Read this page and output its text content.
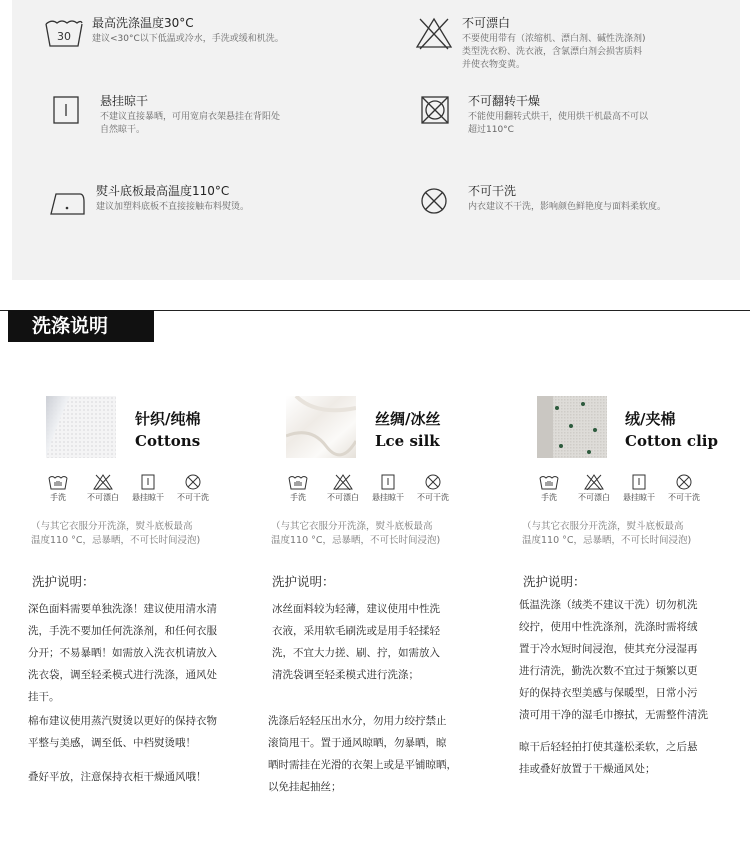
30
最高洗涤温度30°C
建议<30°C以下低温或冷水，手洗或缓和机洗。
不可漂白
不要使用带有（浓缩机、漂白剂、碱性洗涤剂)
类型洗衣粉、洗衣液，含氯漂白剂会损害质料
并使衣物变黄。
悬挂晾干
不建议直接暴晒，可用宽肩衣架悬挂在背阳处
自然晾干。
不可翻转干燥
不能使用翻转式烘干，使用烘干机最高不可以
超过110°C
熨斗底板最高温度110°C
建议加塑料底板不直接接触布料熨烫。
不可干洗
内衣建议不干洗，影响颜色鲜艳度与面料柔软度。
洗涤说明
针织/纯棉
Cottons
手洗	不可漂白	悬挂晾干	不可干洗
（与其它衣服分开洗涤，熨斗底板最高
温度110 °C，忌暴晒，不可长时间浸泡)
洗护说明：
深色面料需要单独洗涤！建议使用清水清
洗，手洗不要加任何洗涤剂，和任何衣服
分开；不易暴晒！如需放入洗衣机请放入
洗衣袋，调至轻柔模式进行洗涤，通风处
挂干。
棉布建议使用蒸汽熨烫以更好的保持衣物
平整与美感，调至低、中档熨烫哦！
叠好平放，注意保持衣柜干燥通风哦！
丝绸/冰丝
Lce silk
手洗	不可漂白	悬挂晾干	不可干洗
（与其它衣服分开洗涤，熨斗底板最高
温度110 °C，忌暴晒，不可长时间浸泡)
洗护说明：
冰丝面料较为轻薄，建议使用中性洗
衣液，采用软毛刷洗或是用手轻揉轻
洗，不宜大力搓、刷、拧，如需放入
清洗袋调至轻柔模式进行洗涤；
洗涤后轻轻压出水分，勿用力绞拧禁止
滚筒甩干。置于通风晾晒，勿暴晒，晾
晒时需挂在光滑的衣架上或是平铺晾晒，
以免挂起抽丝；
绒/夹棉
Cotton clip
手洗	不可漂白	悬挂晾干	不可干洗
（与其它衣服分开洗涤，熨斗底板最高
温度110 °C，忌暴晒，不可长时间浸泡)
洗护说明：
低温洗涤（绒类不建议干洗）切勿机洗
绞拧，使用中性洗涤剂，洗涤时需将绒
置于冷水短时间浸泡，使其充分浸湿再
进行清洗，勤洗次数不宜过于频繁以更
好的保持衣型美感与保暖型，日常小污
渍可用干净的湿毛巾擦拭，无需整件清洗
晾干后轻轻拍打使其蓬松柔软，之后悬
挂或叠好放置于干燥通风处；
